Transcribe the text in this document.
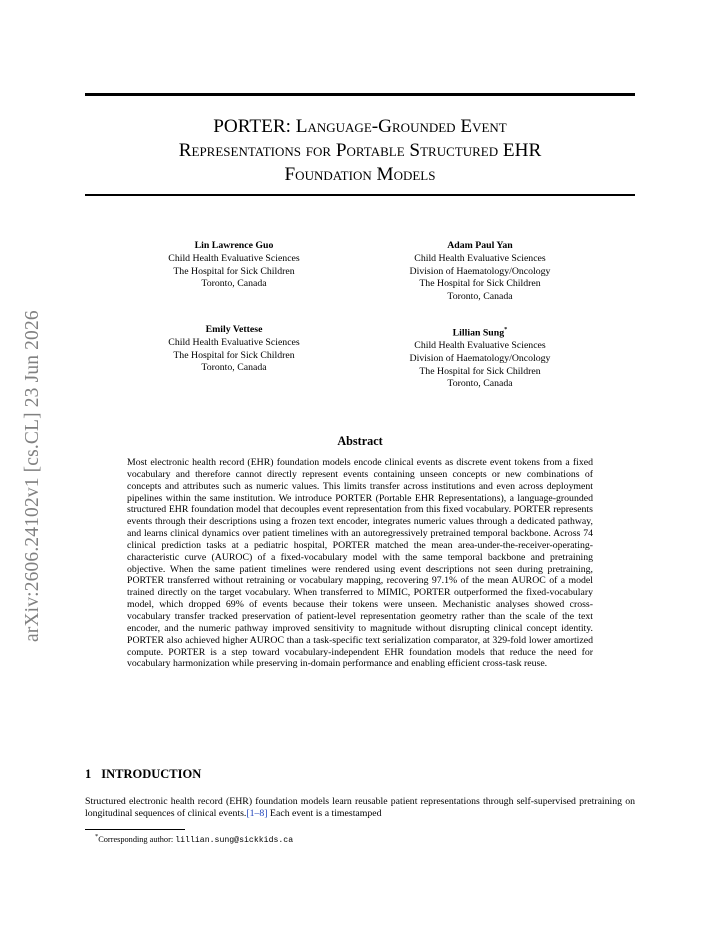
arXiv:2606.24102v1 [cs.CL] 23 Jun 2026
PORTER: Language-Grounded Event
Representations for Portable Structured EHR
Foundation Models
Lin Lawrence Guo
Child Health Evaluative Sciences
The Hospital for Sick Children
Toronto, Canada
Adam Paul Yan
Child Health Evaluative Sciences
Division of Haematology/Oncology
The Hospital for Sick Children
Toronto, Canada
Emily Vettese
Child Health Evaluative Sciences
The Hospital for Sick Children
Toronto, Canada
Lillian Sung*
Child Health Evaluative Sciences
Division of Haematology/Oncology
The Hospital for Sick Children
Toronto, Canada
Abstract

Most electronic health record (EHR) foundation models encode clinical events as discrete event tokens from a fixed vocabulary and therefore cannot directly represent events containing unseen concepts or new combinations of concepts and attributes such as numeric values. This limits transfer across institutions and even across deployment pipelines within the same institution. We introduce PORTER (Portable EHR Representations), a language-grounded structured EHR foundation model that decouples event representation from this fixed vocabulary. PORTER represents events through their descriptions using a frozen text encoder, integrates numeric values through a dedicated pathway, and learns clinical dynamics over patient timelines with an autoregressively pretrained temporal backbone. Across 74 clinical prediction tasks at a pediatric hospital, PORTER matched the mean area-under-the-receiver-operating-characteristic curve (AUROC) of a fixed-vocabulary model with the same temporal backbone and pretraining objective. When the same patient timelines were rendered using event descriptions not seen during pretraining, PORTER transferred without retraining or vocabulary mapping, recovering 97.1% of the mean AUROC of a model trained directly on the target vocabulary. When transferred to MIMIC, PORTER outperformed the fixed-vocabulary model, which dropped 69% of events because their tokens were unseen. Mechanistic analyses showed cross-vocabulary transfer tracked preservation of patient-level representation geometry rather than the scale of the text encoder, and the numeric pathway improved sensitivity to magnitude without disrupting clinical concept identity. PORTER also achieved higher AUROC than a task-specific text serialization comparator, at 329-fold lower amortized compute. PORTER is a step toward vocabulary-independent EHR foundation models that reduce the need for vocabulary harmonization while preserving in-domain performance and enabling efficient cross-task reuse.

1 INTRODUCTION

Structured electronic health record (EHR) foundation models learn reusable patient representations through self-supervised pretraining on longitudinal sequences of clinical events.[1–8] Each event is a timestamped

*Corresponding author: lillian.sung@sickkids.ca
